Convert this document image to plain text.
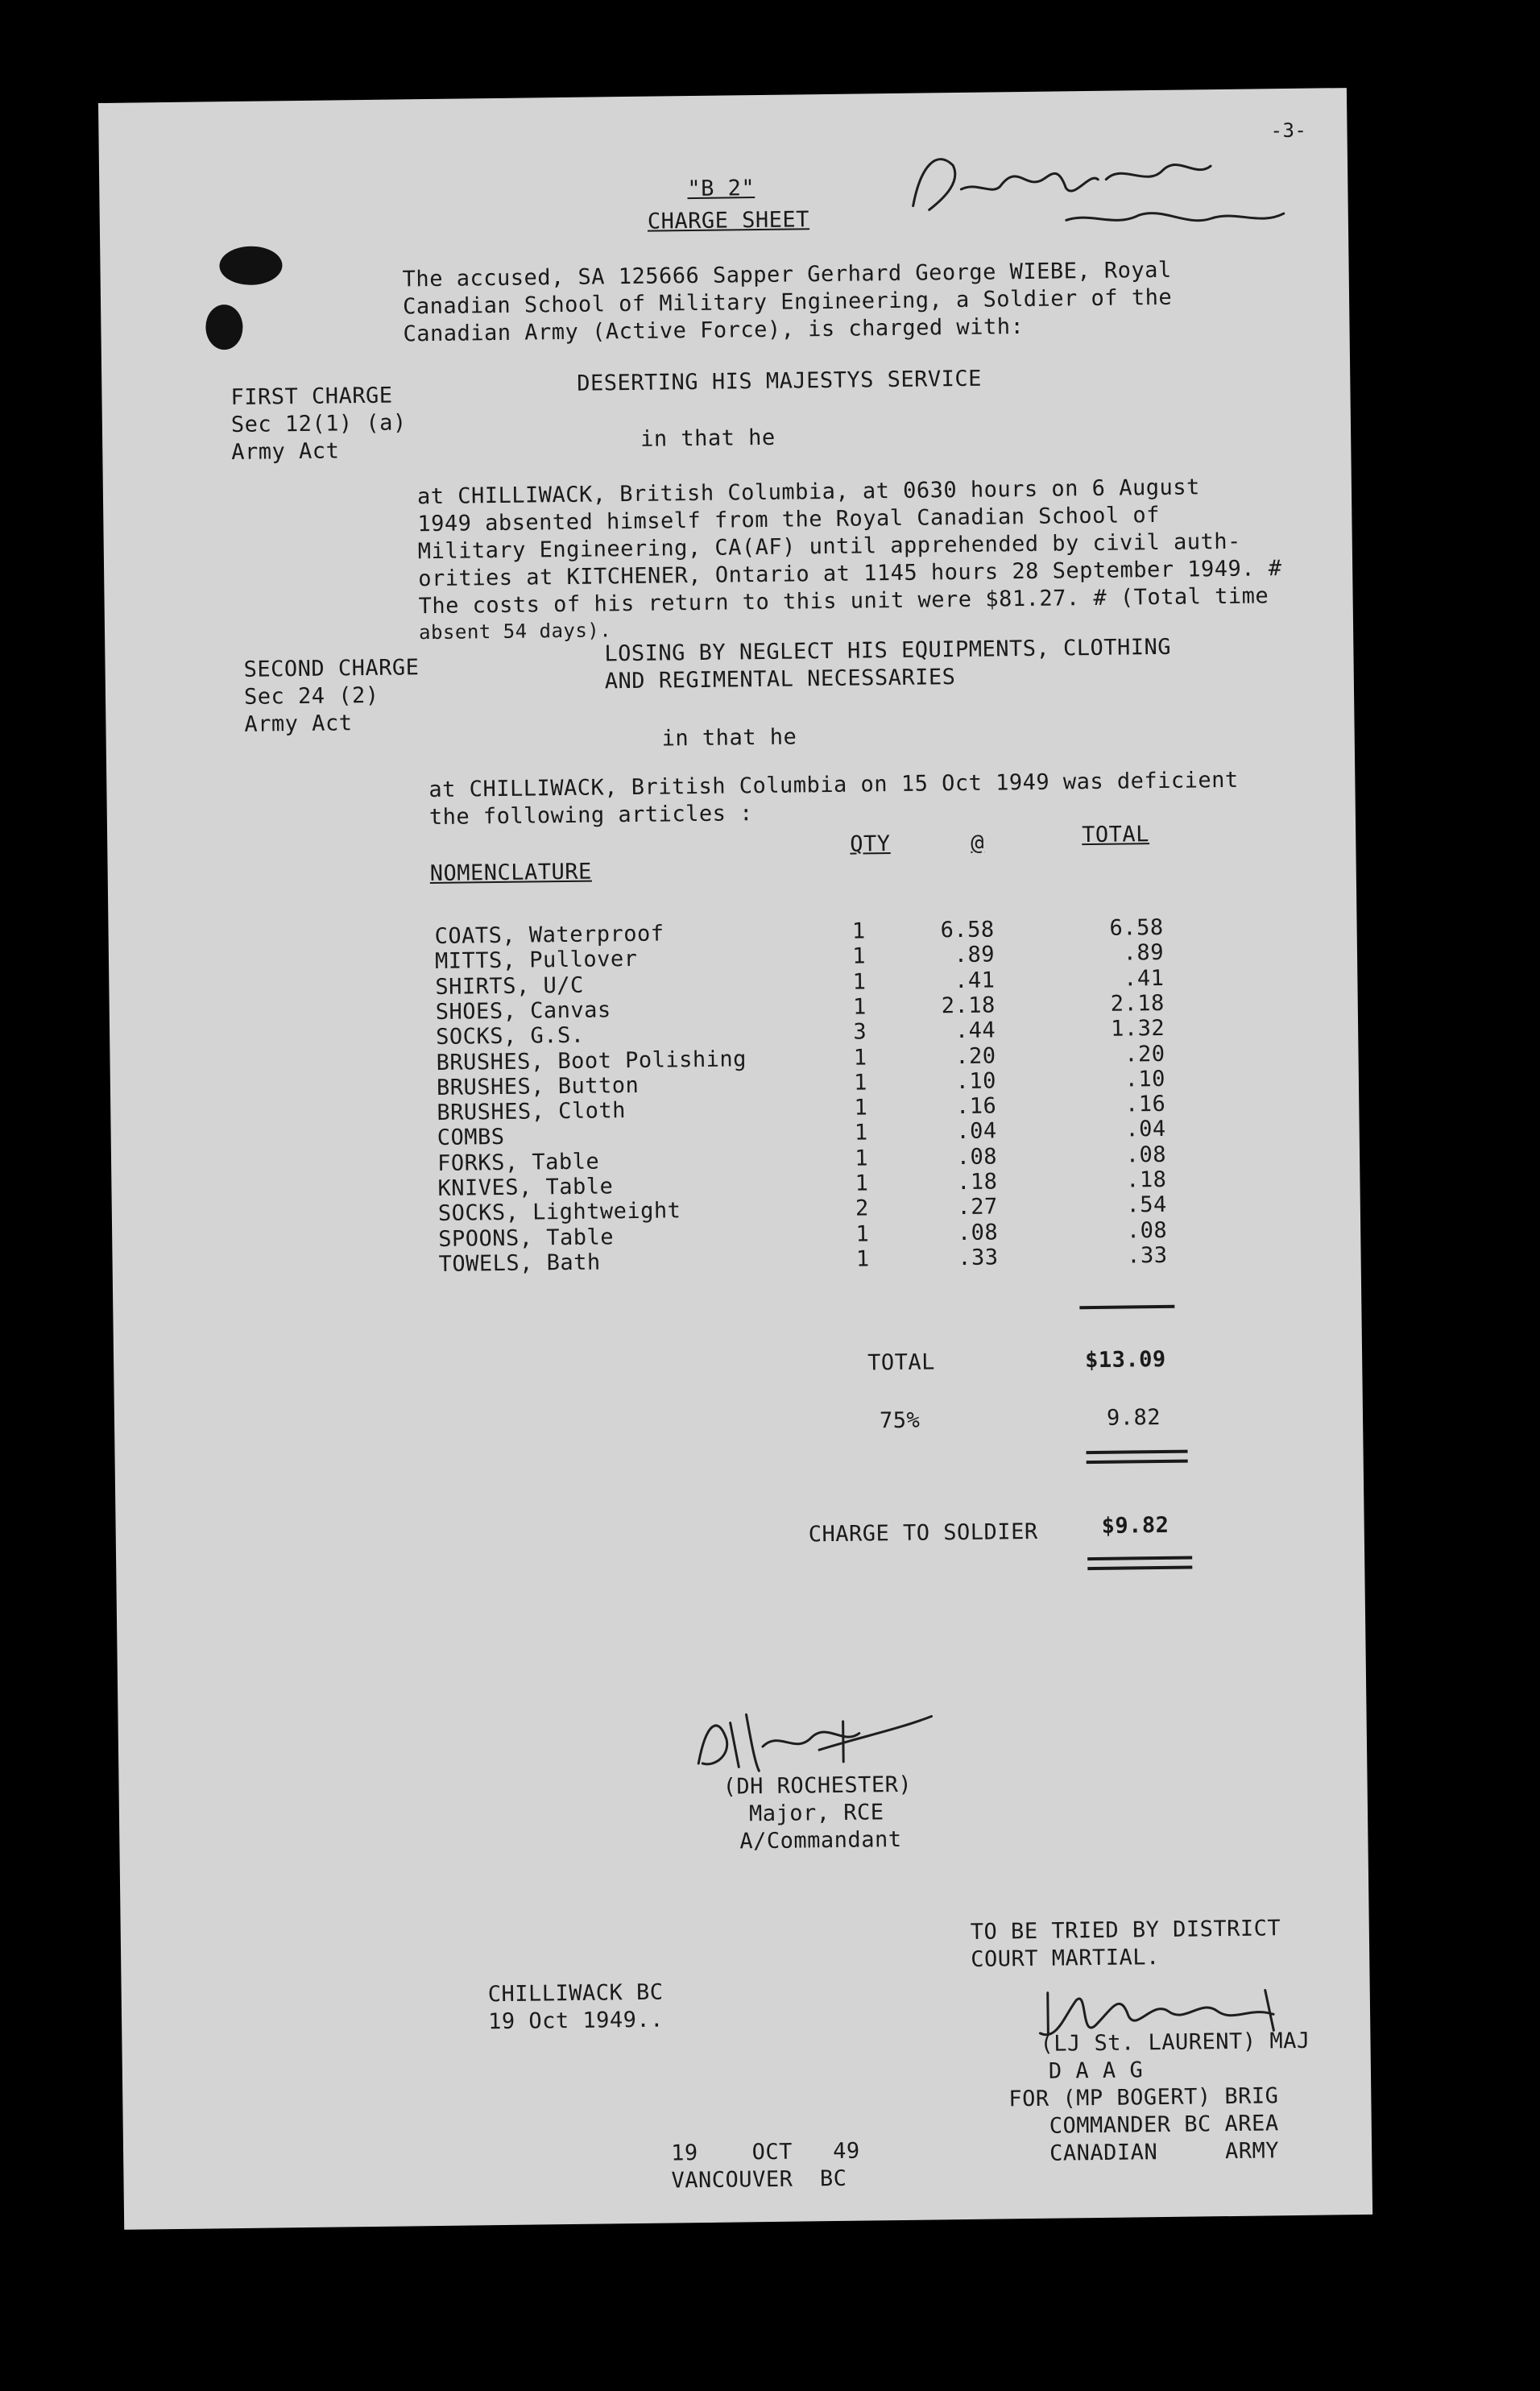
-3-
"B 2"
CHARGE SHEET
The accused, SA 125666 Sapper Gerhard George WIEBE, Royal
Canadian School of Military Engineering, a Soldier of the
Canadian Army (Active Force), is charged with:
FIRST CHARGE
Sec 12(1) (a)
Army Act
DESERTING HIS MAJESTYS SERVICE
in that he
at CHILLIWACK, British Columbia, at 0630 hours on 6 August
1949 absented himself from the Royal Canadian School of
Military Engineering, CA(AF) until apprehended by civil auth-
orities at KITCHENER, Ontario at 1145 hours 28 September 1949. #
The costs of his return to this unit were $81.27. # (Total time
absent 54 days).
SECOND CHARGE
Sec 24 (2)
Army Act
LOSING BY NEGLECT HIS EQUIPMENTS, CLOTHING
AND REGIMENTAL NECESSARIES
in that he
at CHILLIWACK, British Columbia on 15 Oct 1949 was deficient
the following articles :
NOMENCLATURE
QTY	@	TOTAL
COATS, Waterproof	1	6.58	6.58
MITTS, Pullover	1	.89	.89
SHIRTS, U/C	1	.41	.41
SHOES, Canvas	1	2.18	2.18
SOCKS, G.S.	3	.44	1.32
BRUSHES, Boot Polishing	1	.20	.20
BRUSHES, Button	1	.10	.10
BRUSHES, Cloth	1	.16	.16
COMBS	1	.04	.04
FORKS, Table	1	.08	.08
KNIVES, Table	1	.18	.18
SOCKS, Lightweight	2	.27	.54
SPOONS, Table	1	.08	.08
TOWELS, Bath	1	.33	.33
TOTAL	$13.09
75%	9.82
CHARGE TO SOLDIER	$9.82
(DH ROCHESTER)
Major, RCE
A/Commandant
TO BE TRIED BY DISTRICT
COURT MARTIAL.
CHILLIWACK BC
19 Oct 1949..
(LJ St. LAURENT) MAJ
D A A G
FOR (MP BOGERT) BRIG
COMMANDER BC AREA
CANADIAN     ARMY
19    OCT   49
VANCOUVER  BC
